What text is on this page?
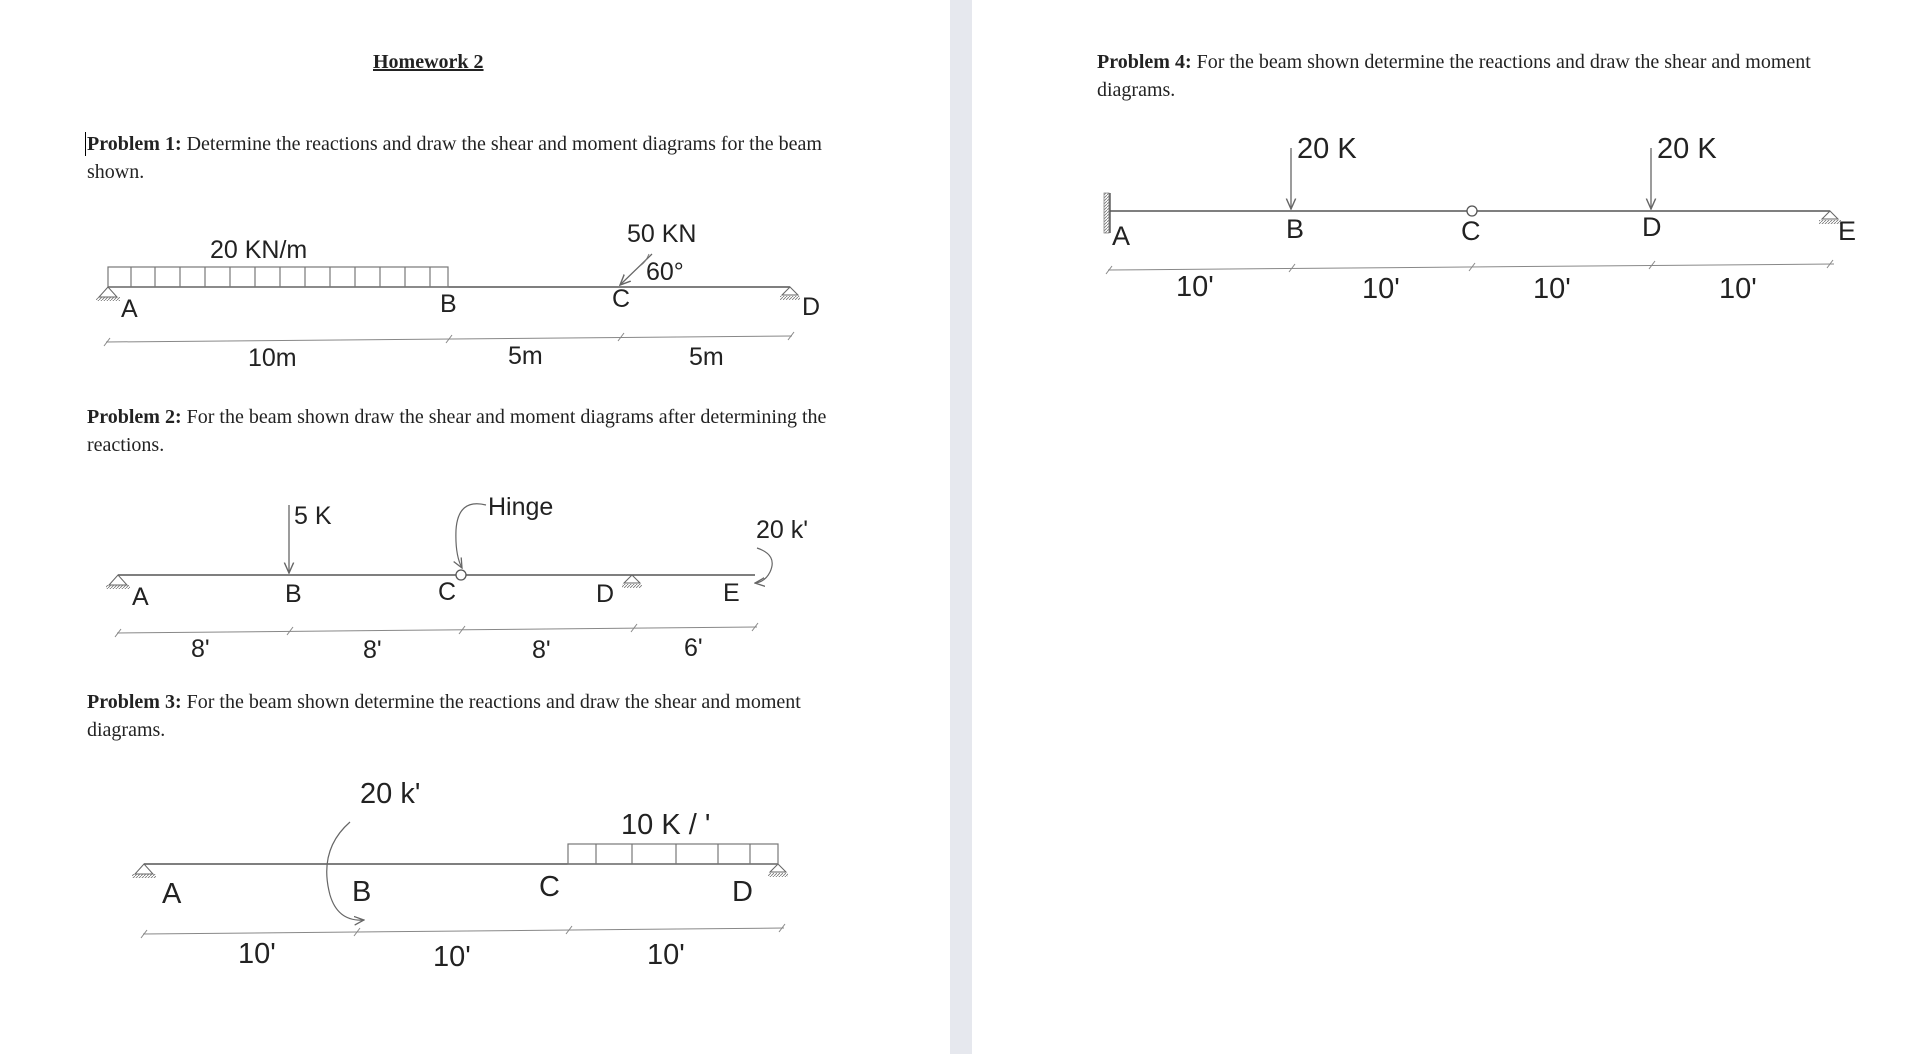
Homework 2
Problem 1: Determine the reactions and draw the shear and moment diagrams for the beam shown.
Problem 2: For the beam shown draw the shear and moment diagrams after determining the reactions.
Problem 3: For the beam shown determine the reactions and draw the shear and moment diagrams.
Problem 4: For the beam shown determine the reactions and draw the shear and moment diagrams.
20 KN/m
50 KN
60°
A	B	C	D
10m	5m	5m
5 K	Hinge
20 k'
A	B	C	D	E
8'	8'	8'	6'
10 K / '
20 k'
A	B	C	D
10'	10'	10'
20 K	20 K
A	B	C	D	E
10'	10'	10'	10'
